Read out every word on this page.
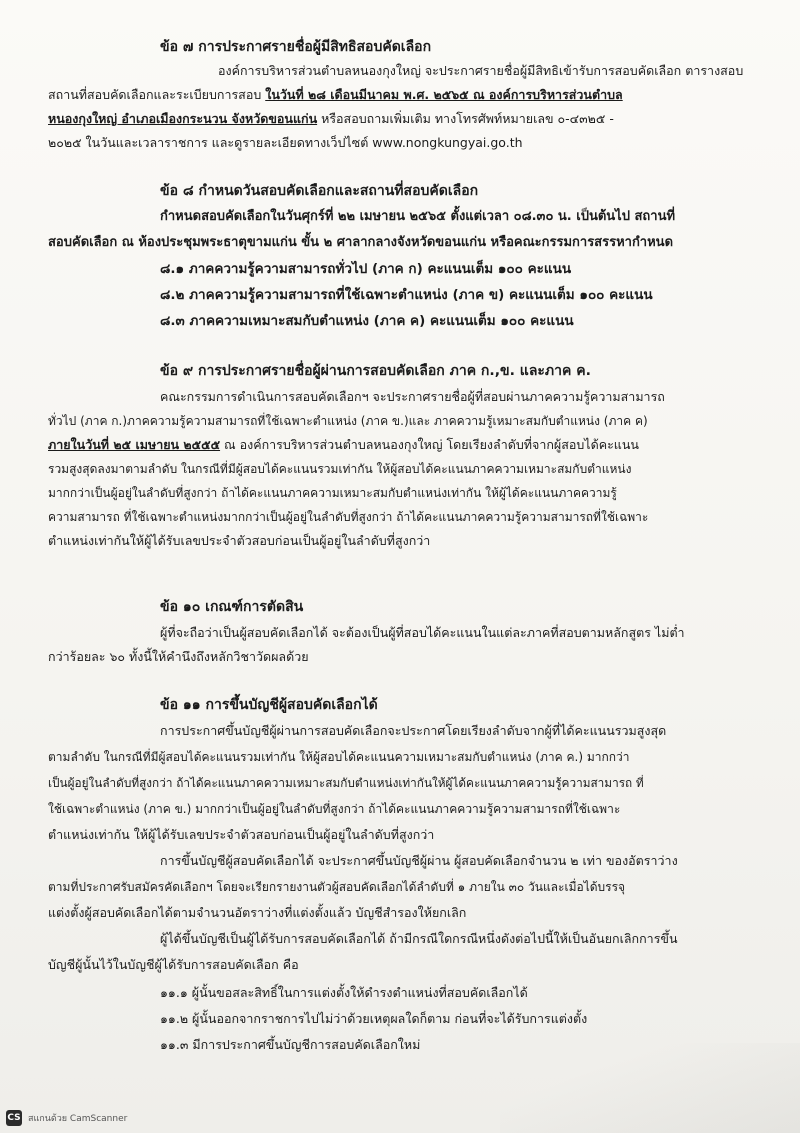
ข้อ ๗ การประกาศรายชื่อผู้มีสิทธิสอบคัดเลือก

องค์การบริหารส่วนตำบลหนองกุงใหญ่ จะประกาศรายชื่อผู้มีสิทธิเข้ารับการสอบคัดเลือก ตารางสอบ

สถานที่สอบคัดเลือกและระเบียบการสอบ ในวันที่ ๒๘ เดือนมีนาคม พ.ศ. ๒๕๖๕ ณ องค์การบริหารส่วนตำบล

หนองกุงใหญ่ อำเภอเมืองกระนวน จังหวัดขอนแก่น หรือสอบถามเพิ่มเติม ทางโทรศัพท์หมายเลข ๐-๔๓๒๕ -

๒๐๒๕ ในวันและเวลาราชการ และดูรายละเอียดทางเว็ปไซต์ www.nongkungyai.go.th

ข้อ ๘ กำหนดวันสอบคัดเลือกและสถานที่สอบคัดเลือก

กำหนดสอบคัดเลือกในวันศุกร์ที่ ๒๒ เมษายน ๒๕๖๕ ตั้งแต่เวลา ๐๘.๓๐ น. เป็นต้นไป สถานที่

สอบคัดเลือก ณ ห้องประชุมพระธาตุขามแก่น ขั้น ๒ ศาลากลางจังหวัดขอนแก่น หรือคณะกรรมการสรรหากำหนด

๘.๑ ภาคความรู้ความสามารถทั่วไป (ภาค ก) คะแนนเต็ม ๑๐๐ คะแนน

๘.๒ ภาคความรู้ความสามารถที่ใช้เฉพาะตำแหน่ง (ภาค ข) คะแนนเต็ม ๑๐๐ คะแนน

๘.๓ ภาคความเหมาะสมกับตำแหน่ง (ภาค ค) คะแนนเต็ม ๑๐๐ คะแนน

ข้อ ๙ การประกาศรายชื่อผู้ผ่านการสอบคัดเลือก ภาค ก.,ข. และภาค ค.

คณะกรรมการดำเนินการสอบคัดเลือกฯ จะประกาศรายชื่อผู้ที่สอบผ่านภาคความรู้ความสามารถ

ทั่วไป (ภาค ก.)ภาคความรู้ความสามารถที่ใช้เฉพาะตำแหน่ง (ภาค ข.)และ ภาคความรู้เหมาะสมกับตำแหน่ง (ภาค ค)

ภายในวันที่ ๒๕ เมษายน ๒๕๕๕ ณ องค์การบริหารส่วนตำบลหนองกุงใหญ่ โดยเรียงลำดับที่จากผู้สอบได้คะแนน

รวมสูงสุดลงมาตามลำดับ ในกรณีที่มีผู้สอบได้คะแนนรวมเท่ากัน ให้ผู้สอบได้คะแนนภาคความเหมาะสมกับตำแหน่ง

มากกว่าเป็นผู้อยู่ในลำดับที่สูงกว่า ถ้าได้คะแนนภาคความเหมาะสมกับตำแหน่งเท่ากัน ให้ผู้ได้คะแนนภาคความรู้

ความสามารถ ที่ใช้เฉพาะตำแหน่งมากกว่าเป็นผู้อยู่ในลำดับที่สูงกว่า ถ้าได้คะแนนภาคความรู้ความสามารถที่ใช้เฉพาะ

ตำแหน่งเท่ากันให้ผู้ได้รับเลขประจำตัวสอบก่อนเป็นผู้อยู่ในลำดับที่สูงกว่า

ข้อ ๑๐ เกณฑ์การตัดสิน

ผู้ที่จะถือว่าเป็นผู้สอบคัดเลือกได้ จะต้องเป็นผู้ที่สอบได้คะแนนในแต่ละภาคที่สอบตามหลักสูตร ไม่ต่ำ

กว่าร้อยละ ๖๐ ทั้งนี้ให้คำนึงถึงหลักวิชาวัดผลด้วย

ข้อ ๑๑ การขึ้นบัญชีผู้สอบคัดเลือกได้

การประกาศขึ้นบัญชีผู้ผ่านการสอบคัดเลือกจะประกาศโดยเรียงลำดับจากผู้ที่ได้คะแนนรวมสูงสุด

ตามลำดับ ในกรณีที่มีผู้สอบได้คะแนนรวมเท่ากัน ให้ผู้สอบได้คะแนนความเหมาะสมกับตำแหน่ง (ภาค ค.) มากกว่า

เป็นผู้อยู่ในลำดับที่สูงกว่า ถ้าได้คะแนนภาคความเหมาะสมกับตำแหน่งเท่ากันให้ผู้ได้คะแนนภาคความรู้ความสามารถ ที่

ใช้เฉพาะตำแหน่ง (ภาค ข.) มากกว่าเป็นผู้อยู่ในลำดับที่สูงกว่า ถ้าได้คะแนนภาคความรู้ความสามารถที่ใช้เฉพาะ

ตำแหน่งเท่ากัน ให้ผู้ได้รับเลขประจำตัวสอบก่อนเป็นผู้อยู่ในลำดับที่สูงกว่า

การขึ้นบัญชีผู้สอบคัดเลือกได้ จะประกาศขึ้นบัญชีผู้ผ่าน ผู้สอบคัดเลือกจำนวน ๒ เท่า ของอัตราว่าง

ตามที่ประกาศรับสมัครคัดเลือกฯ โดยจะเรียกรายงานตัวผู้สอบคัดเลือกได้ลำดับที่ ๑ ภายใน ๓๐ วันและเมื่อได้บรรจุ

แต่งตั้งผู้สอบคัดเลือกได้ตามจำนวนอัตราว่างที่แต่งตั้งแล้ว บัญชีสำรองให้ยกเลิก

ผู้ได้ขึ้นบัญชีเป็นผู้ได้รับการสอบคัดเลือกได้ ถ้ามีกรณีใดกรณีหนึ่งดังต่อไปนี้ให้เป็นอันยกเลิกการขึ้น

บัญชีผู้นั้นไว้ในบัญชีผู้ได้รับการสอบคัดเลือก คือ

๑๑.๑ ผู้นั้นขอสละสิทธิ์ในการแต่งตั้งให้ดำรงตำแหน่งที่สอบคัดเลือกได้

๑๑.๒ ผู้นั้นออกจากราชการไปไม่ว่าด้วยเหตุผลใดก็ตาม ก่อนที่จะได้รับการแต่งตั้ง

๑๑.๓ มีการประกาศขึ้นบัญชีการสอบคัดเลือกใหม่

CS สแกนด้วย CamScanner
